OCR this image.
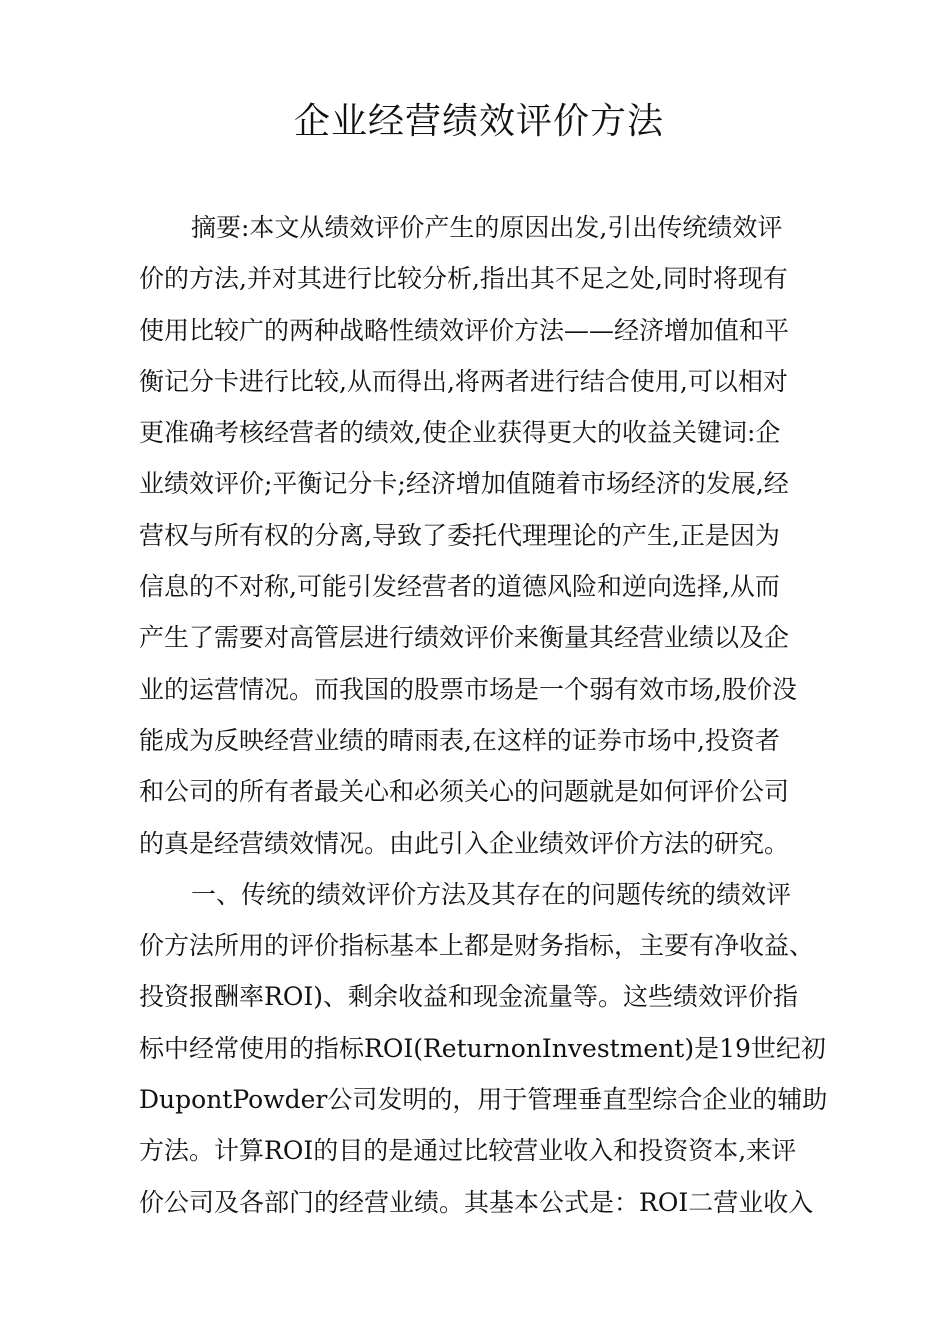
企业经营绩效评价方法
摘要:本文从绩效评价产生的原因出发,引出传统绩效评
价的方法,并对其进行比较分析,指出其不足之处,同时将现有
使用比较广的两种战略性绩效评价方法——经济增加值和平
衡记分卡进行比较,从而得出,将两者进行结合使用,可以相对
更准确考核经营者的绩效,使企业获得更大的收益关键词:企
业绩效评价;平衡记分卡;经济增加值随着市场经济的发展,经
营权与所有权的分离,导致了委托代理理论的产生,正是因为
信息的不对称,可能引发经营者的道德风险和逆向选择,从而
产生了需要对高管层进行绩效评价来衡量其经营业绩以及企
业的运营情况。而我国的股票市场是一个弱有效市场,股价没
能成为反映经营业绩的晴雨表,在这样的证券市场中,投资者
和公司的所有者最关心和必须关心的问题就是如何评价公司
的真是经营绩效情况。由此引入企业绩效评价方法的研究。
一、传统的绩效评价方法及其存在的问题传统的绩效评
价方法所用的评价指标基本上都是财务指标，主要有净收益、
投资报酬率ROI)、剩余收益和现金流量等。这些绩效评价指
标中经常使用的指标ROI(ReturnonInvestment)是19世纪初
DupontPowder公司发明的，用于管理垂直型综合企业的辅助
方法。计算ROI的目的是通过比较营业收入和投资资本,来评
价公司及各部门的经营业绩。其基本公式是：ROI二营业收入
